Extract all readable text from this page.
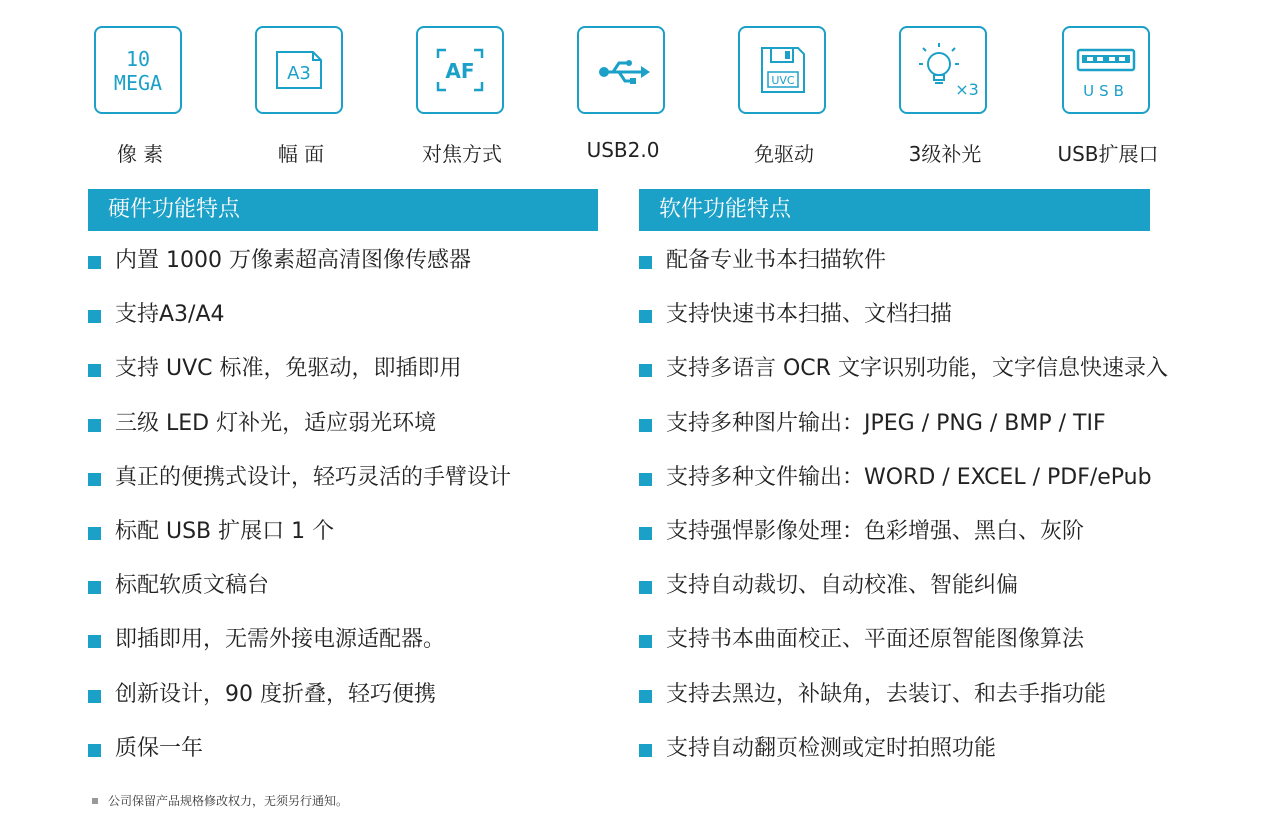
10
MEGA
像 素
A3
幅 面
AF
对焦方式	USB2.0
UVC
免驱动
×3
3级补光
USB
USB扩展口
硬件功能特点	软件功能特点
内置 1000 万像素超高清图像传感器
支持A3/A4
支持 UVC 标准，免驱动，即插即用
三级 LED 灯补光，适应弱光环境
真正的便携式设计，轻巧灵活的手臂设计
标配 USB 扩展口 1 个
标配软质文稿台
即插即用，无需外接电源适配器。
创新设计，90 度折叠，轻巧便携
质保一年
配备专业书本扫描软件
支持快速书本扫描、文档扫描
支持多语言 OCR 文字识别功能，文字信息快速录入
支持多种图片输出：JPEG / PNG / BMP / TIF
支持多种文件输出：WORD / EXCEL / PDF/ePub
支持强悍影像处理：色彩增强、黑白、灰阶
支持自动裁切、自动校准、智能纠偏
支持书本曲面校正、平面还原智能图像算法
支持去黑边，补缺角，去装订、和去手指功能
支持自动翻页检测或定时拍照功能
公司保留产品规格修改权力，无须另行通知。
